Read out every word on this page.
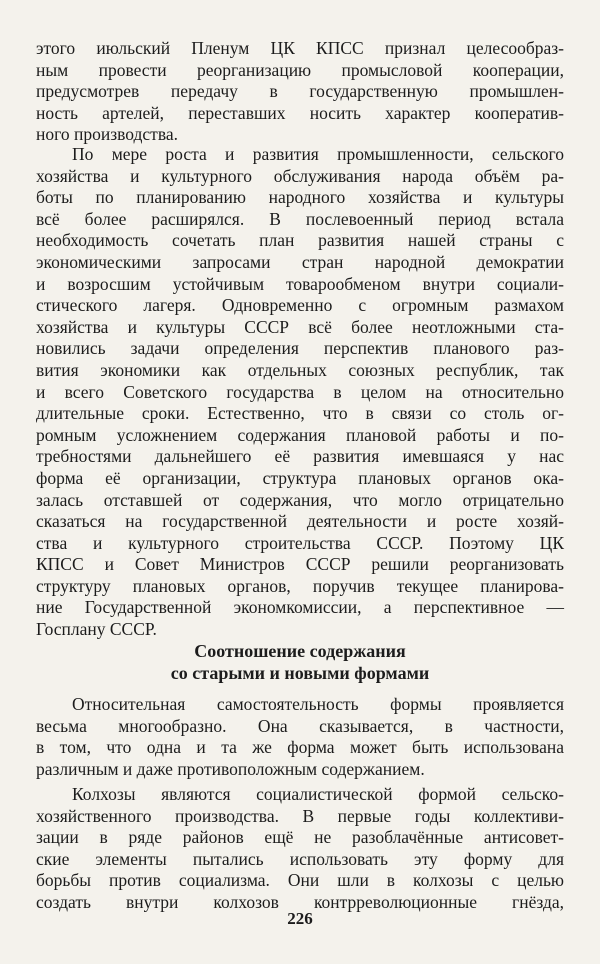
этого июльский Пленум ЦК КПСС признал целесообраз-
ным провести реорганизацию промысловой кооперации,
предусмотрев передачу в государственную промышлен-
ность артелей, переставших носить характер кооператив-
ного производства.
По мере роста и развития промышленности, сельского
хозяйства и культурного обслуживания народа объём ра-
боты по планированию народного хозяйства и культуры
всё более расширялся. В послевоенный период встала
необходимость сочетать план развития нашей страны с
экономическими запросами стран народной демократии
и возросшим устойчивым товарообменом внутри социали-
стического лагеря. Одновременно с огромным размахом
хозяйства и культуры СССР всё более неотложными ста-
новились задачи определения перспектив планового раз-
вития экономики как отдельных союзных республик, так
и всего Советского государства в целом на относительно
длительные сроки. Естественно, что в связи со столь ог-
ромным усложнением содержания плановой работы и по-
требностями дальнейшего её развития имевшаяся у нас
форма её организации, структура плановых органов ока-
залась отставшей от содержания, что могло отрицательно
сказаться на государственной деятельности и росте хозяй-
ства и культурного строительства СССР. Поэтому ЦК
КПСС и Совет Министров СССР решили реорганизовать
структуру плановых органов, поручив текущее планирова-
ние Государственной экономкомиссии, а перспективное —
Госплану СССР.
Соотношение содержания
со старыми и новыми формами
Относительная самостоятельность формы проявляется
весьма многообразно. Она сказывается, в частности,
в том, что одна и та же форма может быть использована
различным и даже противоположным содержанием.
Колхозы являются социалистической формой сельско-
хозяйственного производства. В первые годы коллективи-
зации в ряде районов ещё не разоблачённые антисовет-
ские элементы пытались использовать эту форму для
борьбы против социализма. Они шли в колхозы с целью
создать внутри колхозов контрреволюционные гнёзда,
226
